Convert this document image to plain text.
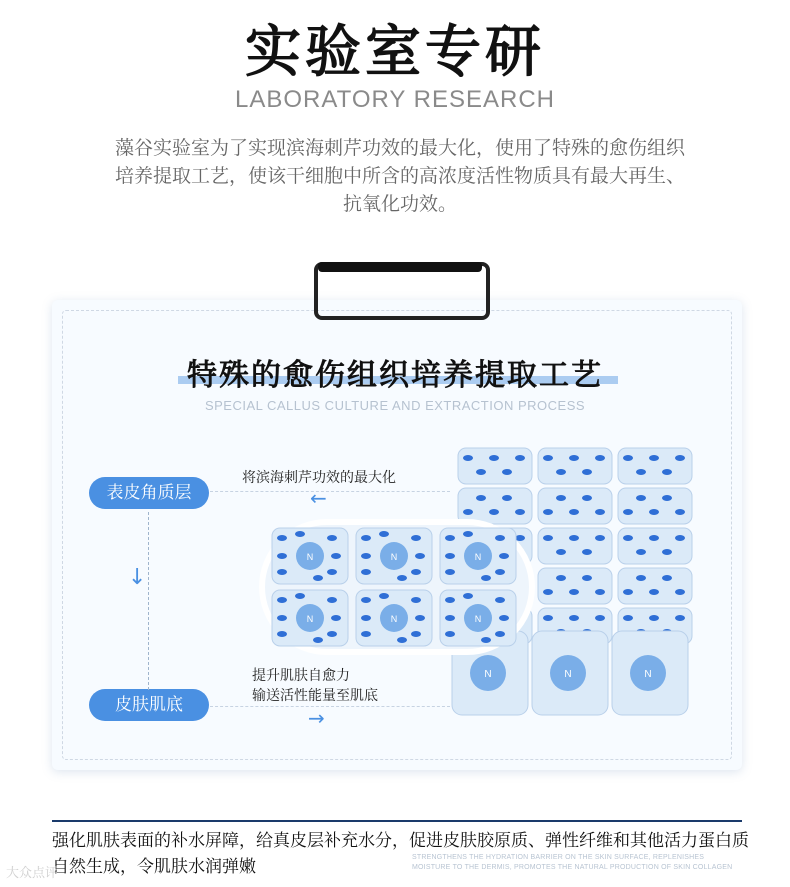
实验室专研
LABORATORY RESEARCH
藻谷实验室为了实现滨海刺芹功效的最大化，使用了特殊的愈伤组织
培养提取工艺，使该干细胞中所含的高浓度活性物质具有最大再生、
抗氧化功效。
特殊的愈伤组织培养提取工艺
SPECIAL CALLUS CULTURE AND EXTRACTION PROCESS
表皮角质层
皮肤肌底
↓
将滨海刺芹功效的最大化
←
提升肌肤自愈力
输送活性能量至肌底
→
N	N	N
N	N	N
N	N	N
强化肌肤表面的补水屏障，给真皮层补充水分，促进皮肤胶原质、弹性纤维和其他活力蛋白质自然生成，令肌肤水润弹嫩	STRENGTHENS THE HYDRATION BARRIER ON THE SKIN SURFACE, REPLENISHES MOISTURE TO THE DERMIS, PROMOTES THE NATURAL PRODUCTION OF SKIN COLLAGEN
大众点评
